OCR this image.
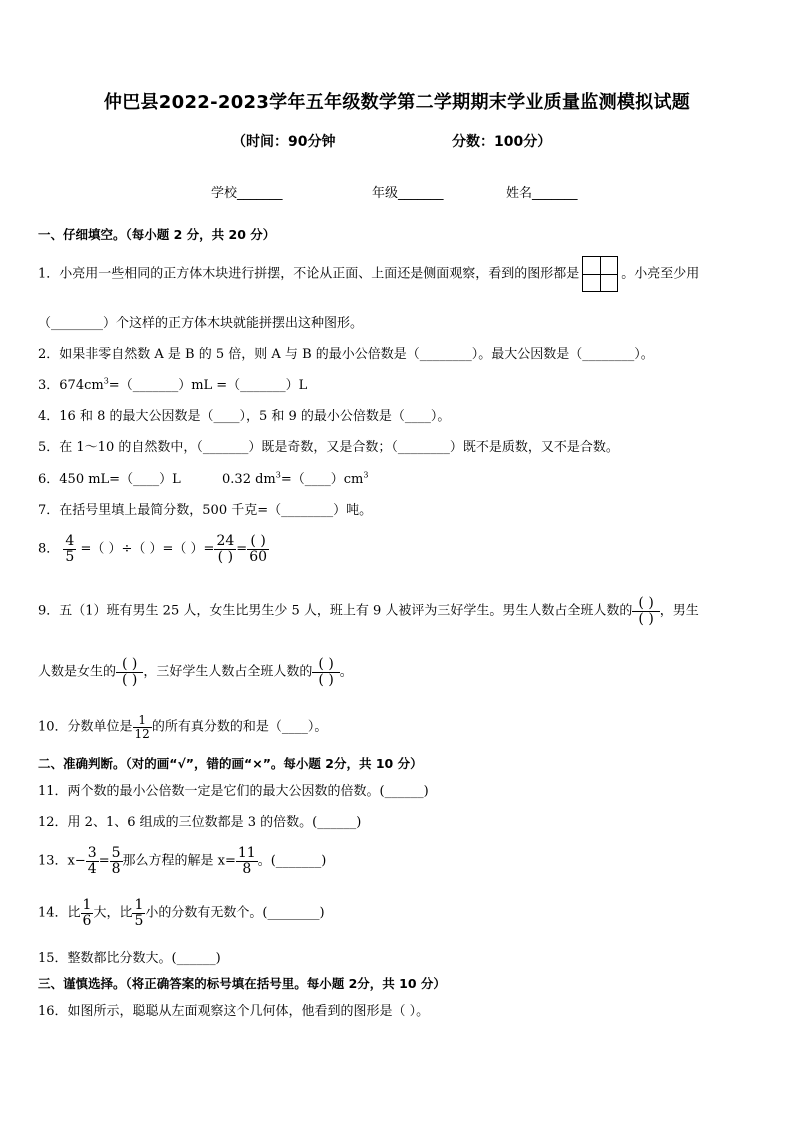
仲巴县2022-2023学年五年级数学第二学期期末学业质量监测模拟试题
（时间：90分钟	分数：100分）
学校_______	年级_______	姓名_______
一、仔细填空。（每小题 2 分，共 20 分）
1．小亮用一些相同的正方体木块进行拼摆，不论从正面、上面还是侧面观察，看到的图形都是	。小亮至少用
（________）个这样的正方体木块就能拼摆出这种图形。
2．如果非零自然数 A 是 B 的 5 倍，则 A 与 B 的最小公倍数是（________）。最大公因数是（________）。
3．$674cm^3=(\_\_\_\_\_\_\_)mL$ =（_______）L
4．16 和 8 的最大公因数是（____），5 和 9 的最小公倍数是（____）。
5．在 1～10 的自然数中，（_______）既是奇数，又是合数；（________）既不是质数，又不是合数。
6．450 mL=（____）L          0.32 $dm^3=(\_\_\_\_)cm^3$
7．在括号里填上最简分数，500 千克=（________）吨。
8． $\frac{4}{5}$ =（ ）÷（ ）=（ ）= $\frac{24}{( )} = \frac{( )}{60}$
9．五（1）班有男生 25 人，女生比男生少 5 人，班上有 9 人被评为三好学生。男生人数占全班人数的 $\frac{( )}{( )}$ ，男生
人数是女生的 $\frac{( )}{( )}$ ，三好学生人数占全班人数的 $\frac{( )}{( )}$ 。
10．分数单位是 $\frac{1}{12}$ 的所有真分数的和是（____）。
二、准确判断。（对的画“√”，错的画“×”。每小题 2分，共 10 分）
11．两个数的最小公倍数一定是它们的最大公因数的倍数。(______)
12．用 2、1、6 组成的三位数都是 3 的倍数。(______)
13．$x- \frac{3}{4} = \frac{5}{8}$ 那么方程的解是 $x= \frac{11}{8}$ 。(_______)
14．比 $\frac{1}{6}$ 大，比 $\frac{1}{5}$ 小的分数有无数个。(________)
15．整数都比分数大。(______)
三、谨慎选择。（将正确答案的标号填在括号里。每小题 2分，共 10 分）
16．如图所示，聪聪从左面观察这个几何体，他看到的图形是（ ）。
